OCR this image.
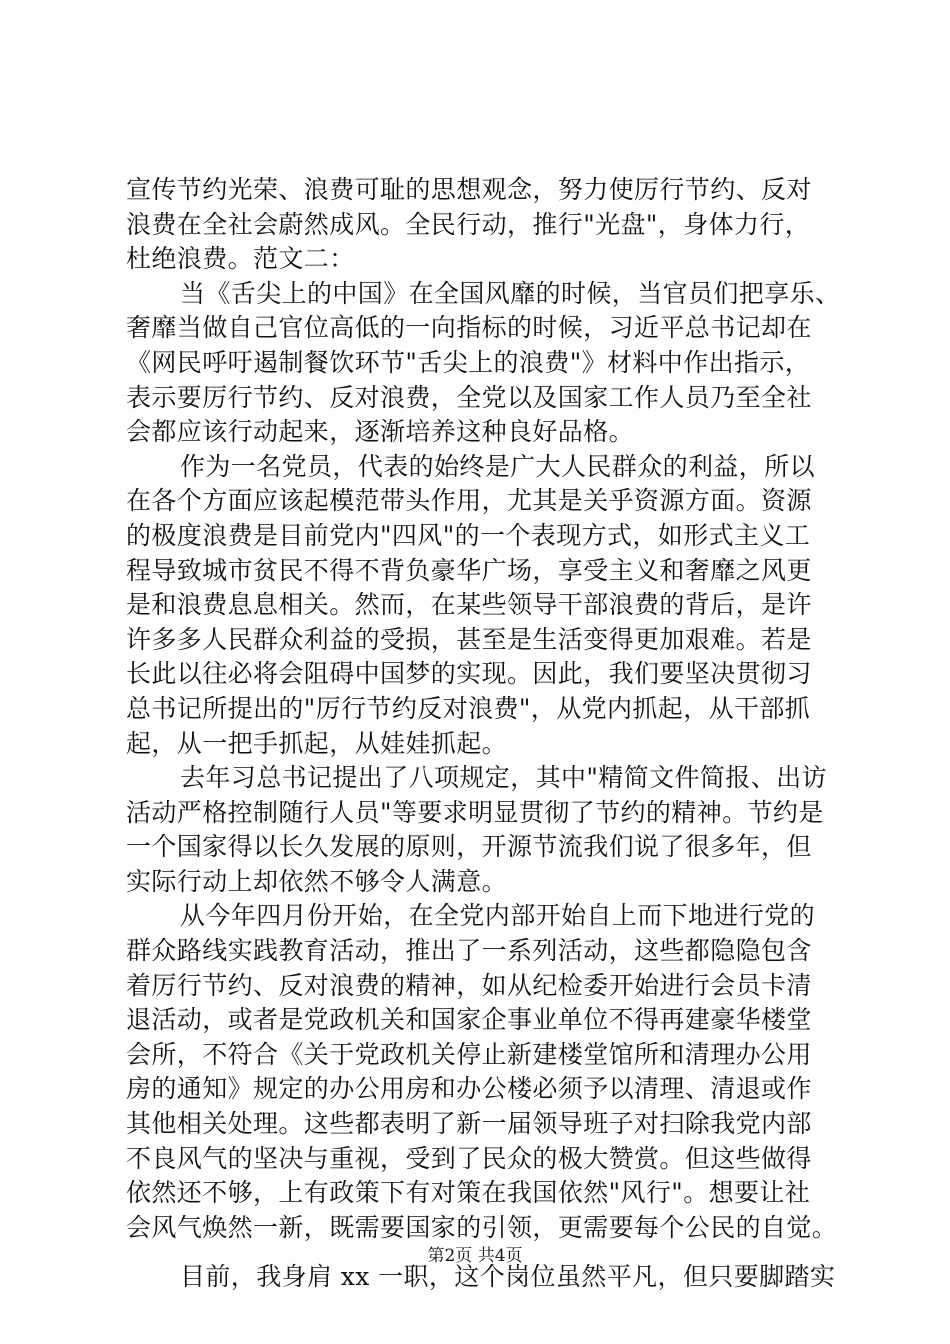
宣传节约光荣、浪费可耻的思想观念，努力使厉行节约、反对
浪费在全社会蔚然成风。全民行动，推行"光盘"，身体力行，
杜绝浪费。范文二：
当《舌尖上的中国》在全国风靡的时候，当官员们把享乐、
奢靡当做自己官位高低的一向指标的时候，习近平总书记却在
《网民呼吁遏制餐饮环节"舌尖上的浪费"》材料中作出指示，
表示要厉行节约、反对浪费，全党以及国家工作人员乃至全社
会都应该行动起来，逐渐培养这种良好品格。
作为一名党员，代表的始终是广大人民群众的利益，所以
在各个方面应该起模范带头作用，尤其是关乎资源方面。资源
的极度浪费是目前党内"四风"的一个表现方式，如形式主义工
程导致城市贫民不得不背负豪华广场，享受主义和奢靡之风更
是和浪费息息相关。然而，在某些领导干部浪费的背后，是许
许多多人民群众利益的受损，甚至是生活变得更加艰难。若是
长此以往必将会阻碍中国梦的实现。因此，我们要坚决贯彻习
总书记所提出的"厉行节约反对浪费"，从党内抓起，从干部抓
起，从一把手抓起，从娃娃抓起。
去年习总书记提出了八项规定，其中"精简文件简报、出访
活动严格控制随行人员"等要求明显贯彻了节约的精神。节约是
一个国家得以长久发展的原则，开源节流我们说了很多年，但
实际行动上却依然不够令人满意。
从今年四月份开始，在全党内部开始自上而下地进行党的
群众路线实践教育活动，推出了一系列活动，这些都隐隐包含
着厉行节约、反对浪费的精神，如从纪检委开始进行会员卡清
退活动，或者是党政机关和国家企事业单位不得再建豪华楼堂
会所，不符合《关于党政机关停止新建楼堂馆所和清理办公用
房的通知》规定的办公用房和办公楼必须予以清理、清退或作
其他相关处理。这些都表明了新一届领导班子对扫除我党内部
不良风气的坚决与重视，受到了民众的极大赞赏。但这些做得
依然还不够，上有政策下有对策在我国依然"风行"。想要让社
会风气焕然一新，既需要国家的引领，更需要每个公民的自觉。
目前，我身肩 xx 一职，这个岗位虽然平凡，但只要脚踏实
第2页 共4页
